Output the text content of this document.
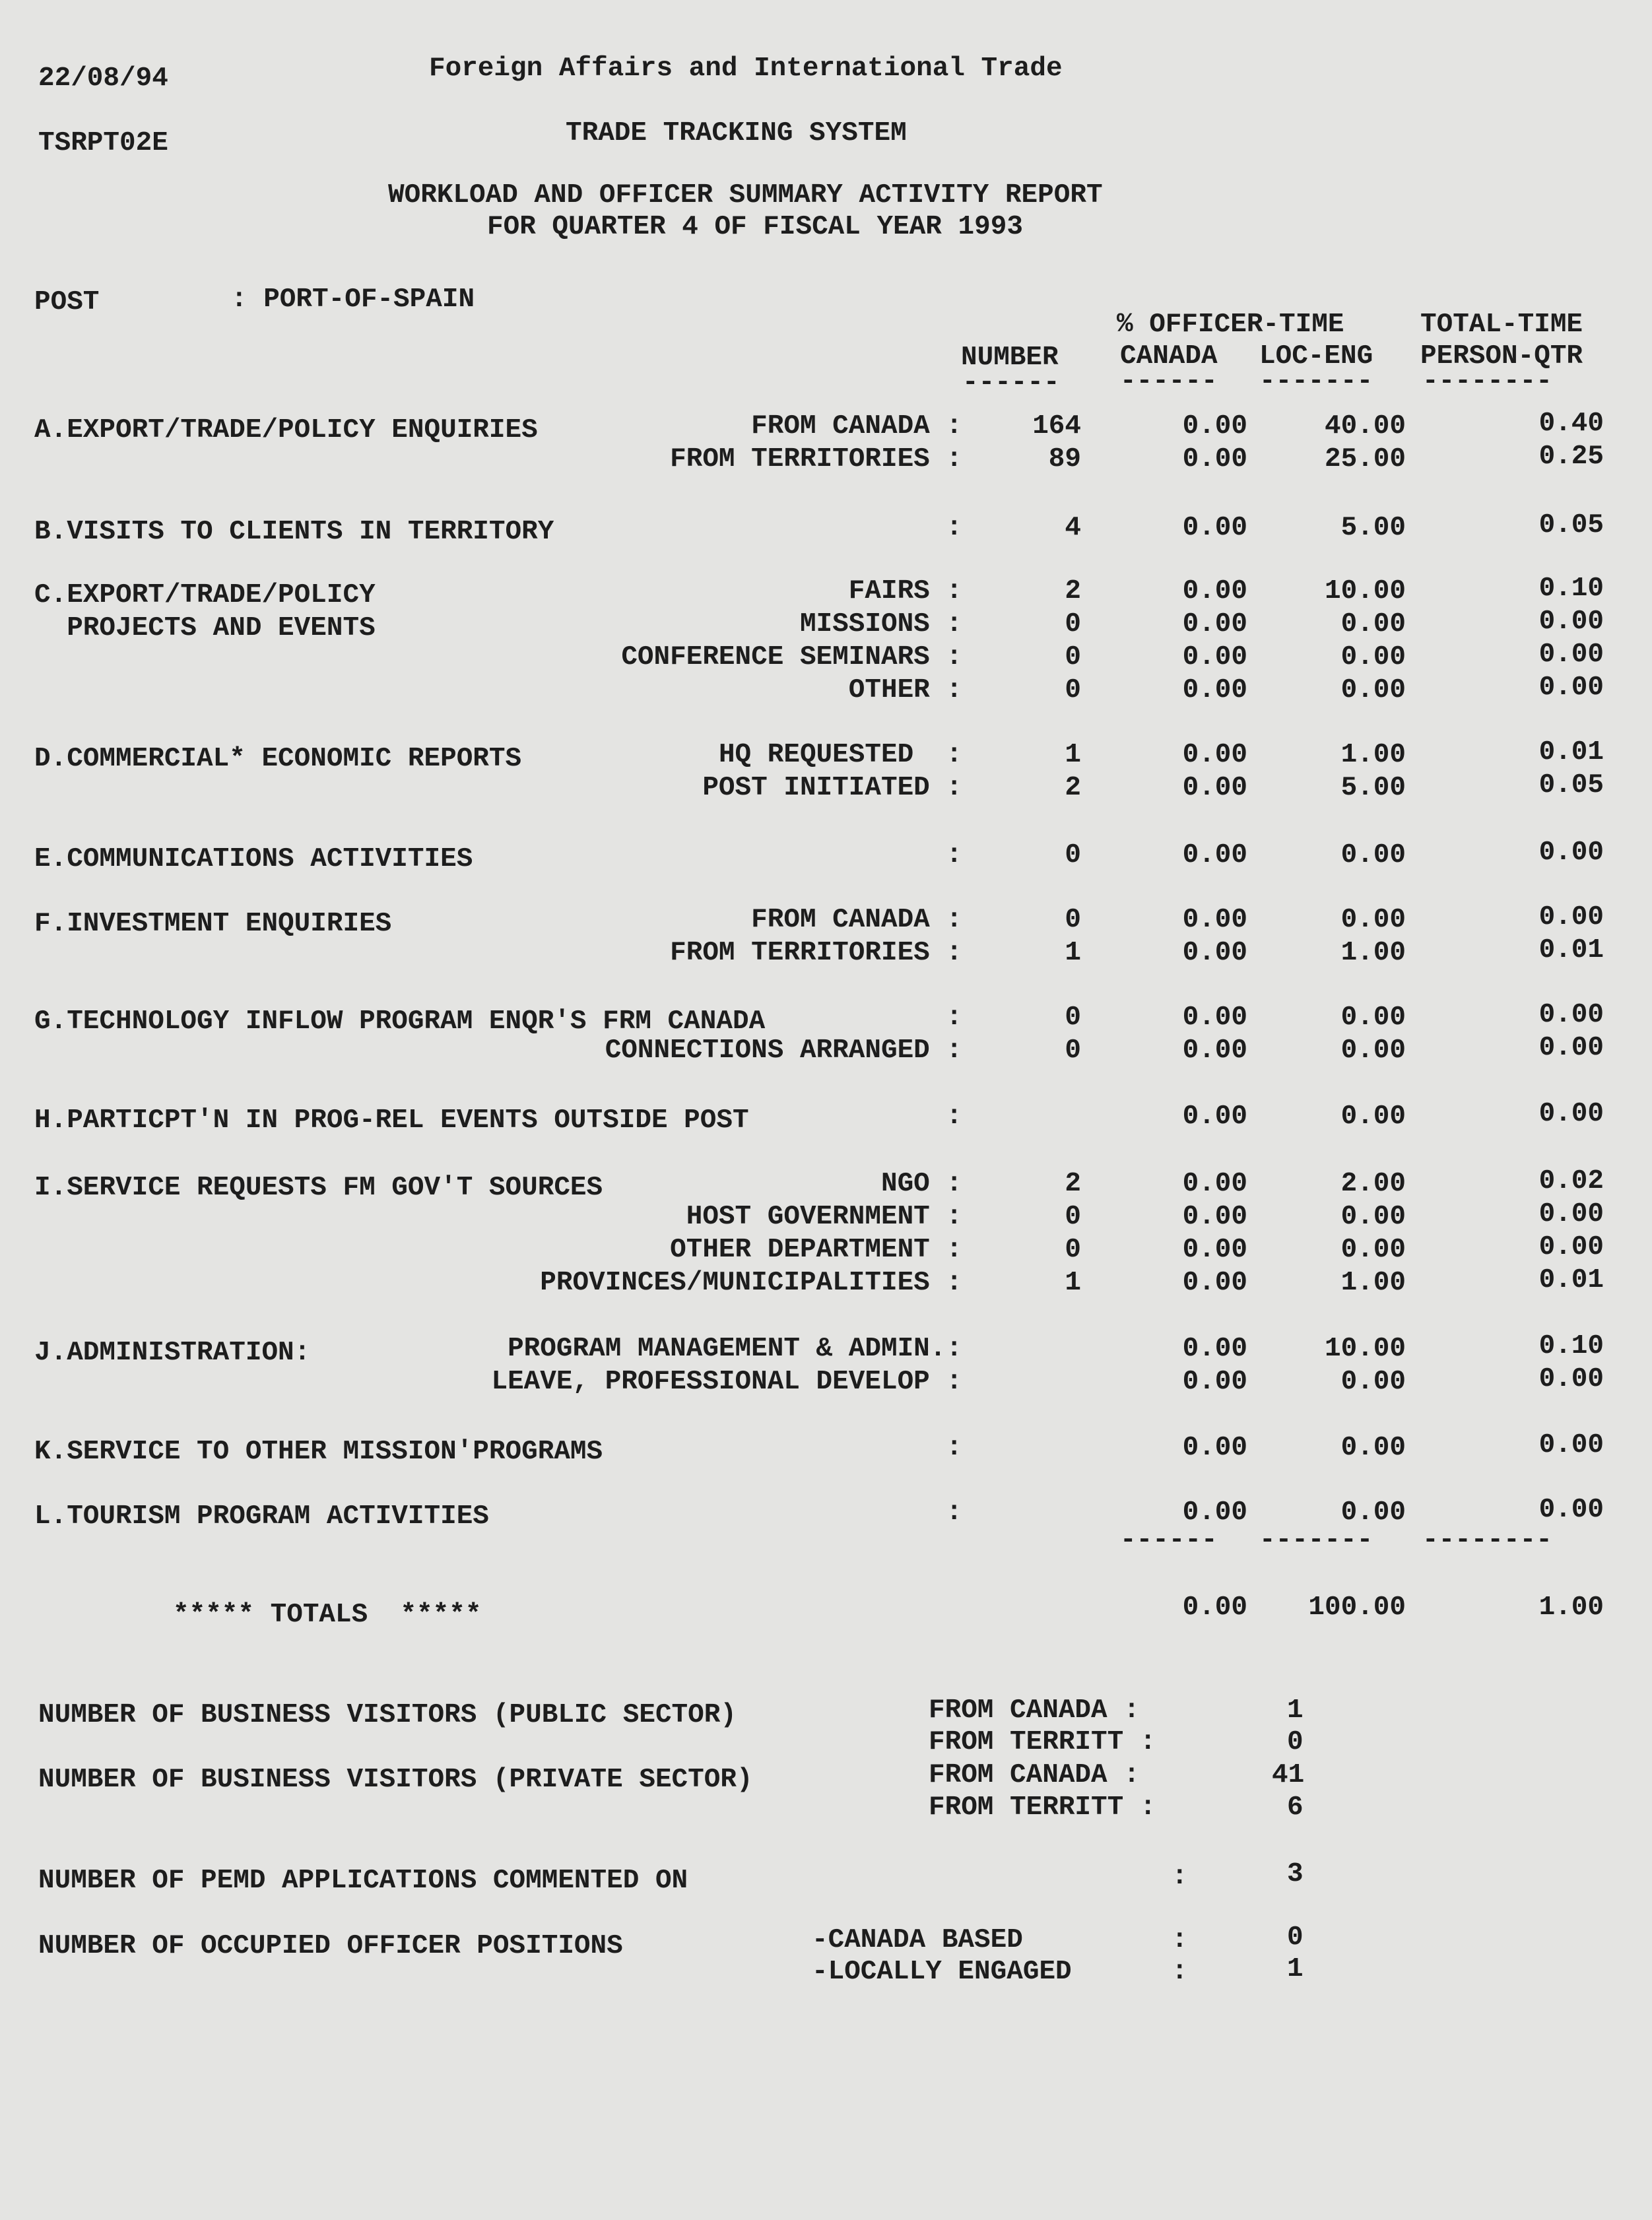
22/08/94	Foreign Affairs and International Trade
TSRPT02E	TRADE TRACKING SYSTEM
WORKLOAD AND OFFICER SUMMARY ACTIVITY REPORT
FOR QUARTER 4 OF FISCAL YEAR 1993
POST	: PORT-OF-SPAIN
% OFFICER-TIME	TOTAL-TIME
NUMBER CANADA LOC-ENG PERSON-QTR
------ ------ ------- --------
A.EXPORT/TRADE/POLICY ENQUIRIES	FROM CANADA :	164	0.00	40.00	0.40
FROM TERRITORIES :	89	0.00	25.00	0.25
B.VISITS TO CLIENTS IN TERRITORY	:	4	0.00	5.00	0.05
C.EXPORT/TRADE/POLICY	FAIRS :	2	0.00	10.00	0.10
PROJECTS AND EVENTS	MISSIONS :	0	0.00	0.00	0.00
CONFERENCE SEMINARS :	0	0.00	0.00	0.00
OTHER :	0	0.00	0.00	0.00
D.COMMERCIAL* ECONOMIC REPORTS	HQ REQUESTED  :	1	0.00	1.00	0.01
POST INITIATED :	2	0.00	5.00	0.05
E.COMMUNICATIONS ACTIVITIES	:	0	0.00	0.00	0.00
F.INVESTMENT ENQUIRIES	FROM CANADA :	0	0.00	0.00	0.00
FROM TERRITORIES :	1	0.00	1.00	0.01
G.TECHNOLOGY INFLOW PROGRAM ENQR'S FRM CANADA	:	0	0.00	0.00	0.00
CONNECTIONS ARRANGED :	0	0.00	0.00	0.00
H.PARTICPT'N IN PROG-REL EVENTS OUTSIDE POST	:	0.00	0.00	0.00
I.SERVICE REQUESTS FM GOV'T SOURCES	NGO :	2	0.00	2.00	0.02
HOST GOVERNMENT :	0	0.00	0.00	0.00
OTHER DEPARTMENT :	0	0.00	0.00	0.00
PROVINCES/MUNICIPALITIES :	1	0.00	1.00	0.01
J.ADMINISTRATION:	PROGRAM MANAGEMENT & ADMIN.:	0.00	10.00	0.10
LEAVE, PROFESSIONAL DEVELOP :	0.00	0.00	0.00
K.SERVICE TO OTHER MISSION'PROGRAMS	:	0.00	0.00	0.00
L.TOURISM PROGRAM ACTIVITIES	:	0.00	0.00	0.00
------ ------- --------
***** TOTALS  *****	0.00	100.00	1.00
NUMBER OF BUSINESS VISITORS (PUBLIC SECTOR)	FROM CANADA :	1
FROM TERRITT :	0
NUMBER OF BUSINESS VISITORS (PRIVATE SECTOR)	FROM CANADA :	41
FROM TERRITT :	6
NUMBER OF PEMD APPLICATIONS COMMENTED ON	:	3
NUMBER OF OCCUPIED OFFICER POSITIONS	-CANADA BASED	:	0
-LOCALLY ENGAGED	:	1
